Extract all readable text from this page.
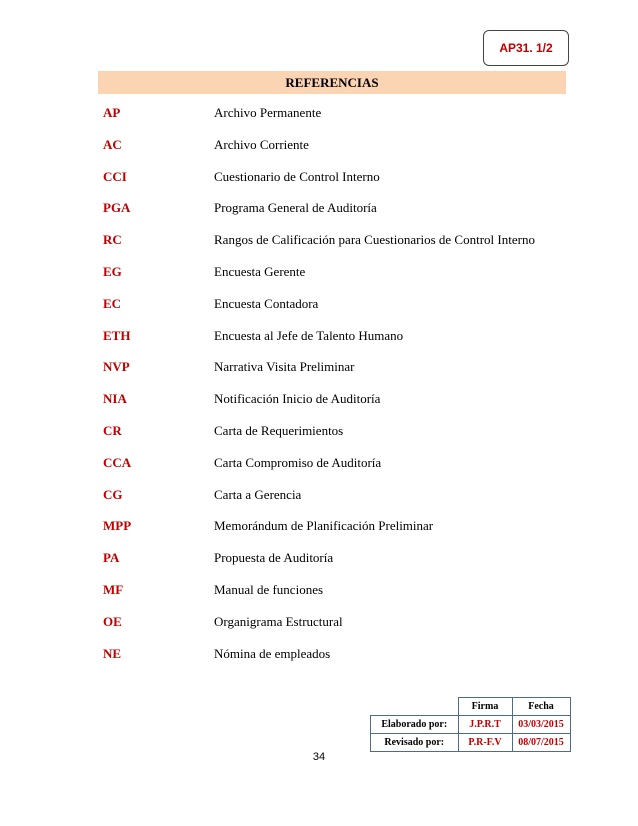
AP31. 1/2
REFERENCIAS
AP	Archivo Permanente
AC	Archivo Corriente
CCI	Cuestionario de Control Interno
PGA	Programa General de Auditoría
RC	Rangos de Calificación para Cuestionarios de Control Interno
EG	Encuesta Gerente
EC	Encuesta Contadora
ETH	Encuesta al Jefe de Talento Humano
NVP	Narrativa Visita Preliminar
NIA	Notificación Inicio de Auditoría
CR	Carta de Requerimientos
CCA	Carta Compromiso de Auditoría
CG	Carta a Gerencia
MPP	Memorándum de Planificación Preliminar
PA	Propuesta de Auditoría
MF	Manual de funciones
OE	Organigrama Estructural
NE	Nómina de empleados
	Firma	Fecha
Elaborado por:	J.P.R.T	03/03/2015
Revisado por:	P.R-F.V	08/07/2015
34
